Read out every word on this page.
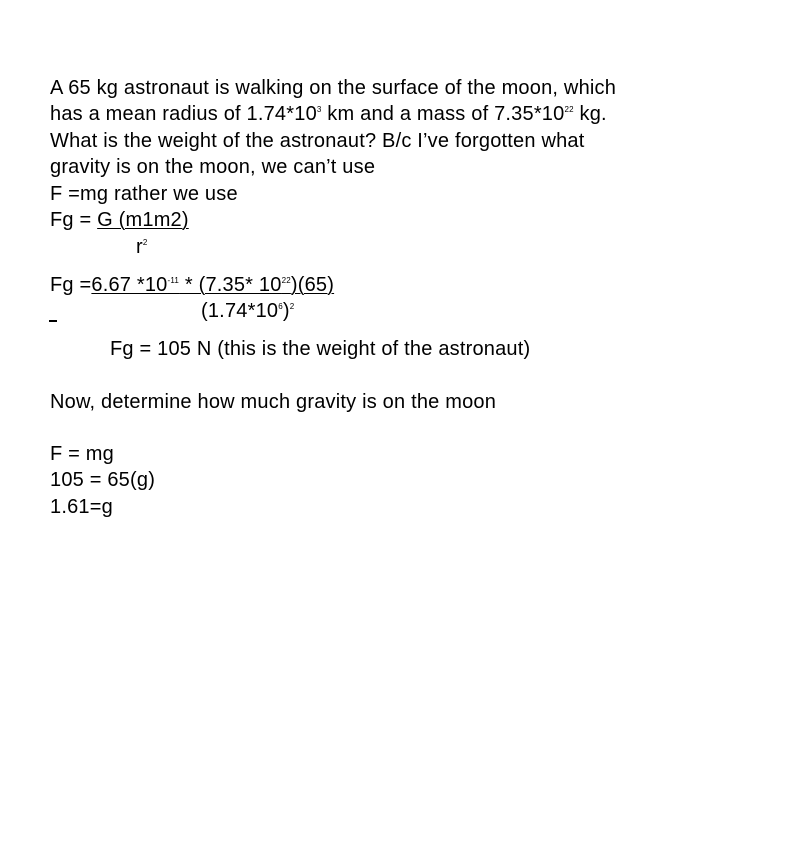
A 65 kg astronaut is walking on the surface of the moon, which
has a mean radius of $1.74*10^3$ km and a mass of $7.35*10^{22}$ kg.
What is the weight of the astronaut? B/c I’ve forgotten what
gravity is on the moon, we can’t use
F =mg rather we use
Fg = G (m1m2)
$r^2$
Fg =6.67 $*10^{-11} * (7.35*$ $10^{22})(65)$
$(1.74*10^6)^2$
Fg = 105 N (this is the weight of the astronaut)
Now, determine how much gravity is on the moon
F = mg
105 = 65(g)
1.61=g
